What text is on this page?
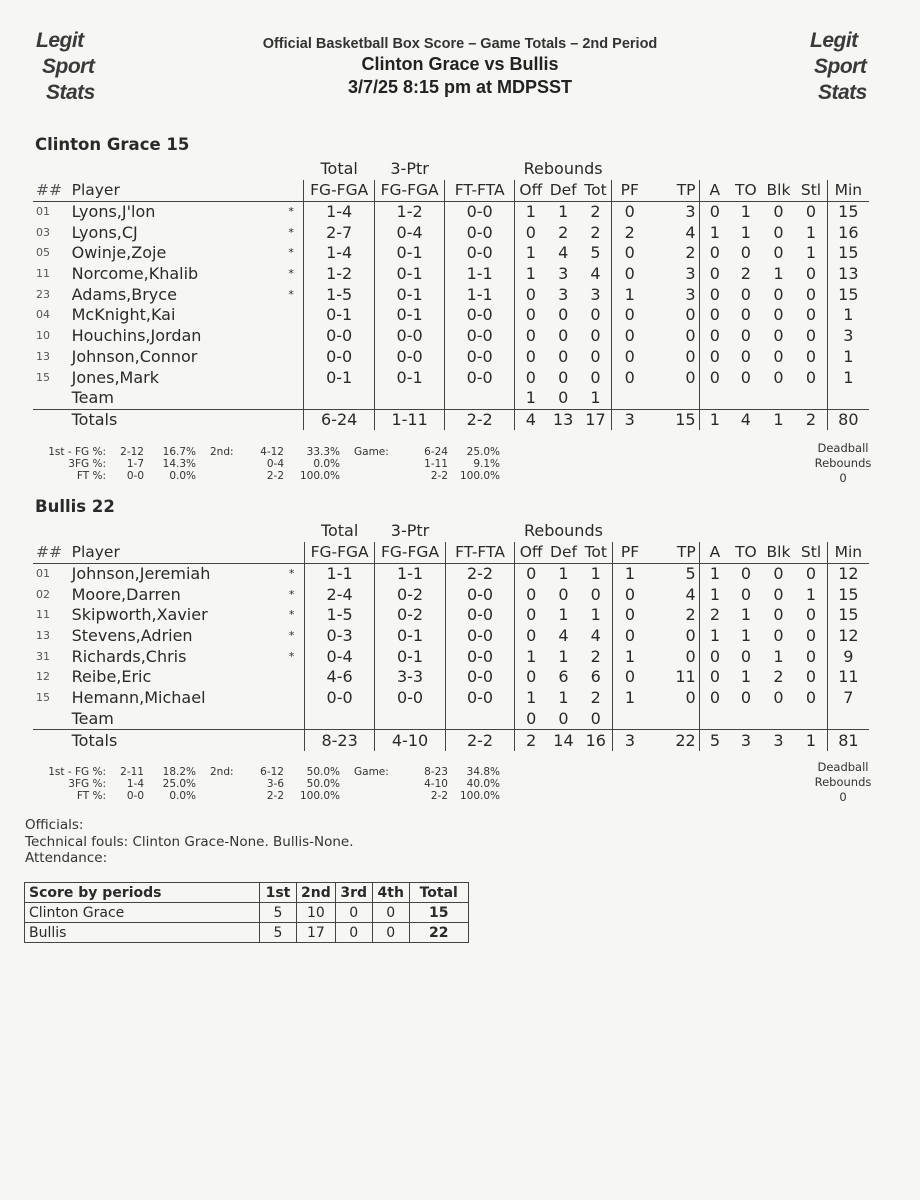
Legit
Sport
Stats
Legit
Sport
Stats
Official Basketball Box Score – Game Totals – 2nd Period
Clinton Grace vs Bullis
3/7/25 8:15 pm at MDPSST
Clinton Grace 15
			Total	3-Ptr		Rebounds									
##	Player		FG-FGA	FG-FGA	FT-FTA	Off	Def	Tot	PF	TP	A	TO	Blk	Stl	Min
01	Lyons,J'lon	*	1-4	1-2	0-0	1	1	2	0	3	0	1	0	0	15
03	Lyons,CJ	*	2-7	0-4	0-0	0	2	2	2	4	1	1	0	1	16
05	Owinje,Zoje	*	1-4	0-1	0-0	1	4	5	0	2	0	0	0	1	15
11	Norcome,Khalib	*	1-2	0-1	1-1	1	3	4	0	3	0	2	1	0	13
23	Adams,Bryce	*	1-5	0-1	1-1	0	3	3	1	3	0	0	0	0	15
04	McKnight,Kai		0-1	0-1	0-0	0	0	0	0	0	0	0	0	0	1
10	Houchins,Jordan		0-0	0-0	0-0	0	0	0	0	0	0	0	0	0	3
13	Johnson,Connor		0-0	0-0	0-0	0	0	0	0	0	0	0	0	0	1
15	Jones,Mark		0-1	0-1	0-0	0	0	0	0	0	0	0	0	0	1
	Team					1	0	1							
	Totals		6-24	1-11	2-2	4	13	17	3	15	1	4	1	2	80
1st - FG %:	2-12	16.7%	2nd:	4-12	33.3%	Game:	6-24	25.0%
3FG %:	1-7	14.3%	0-4	0.0%	1-11	9.1%
FT %:	0-0	0.0%	2-2	100.0%	2-2	100.0%
Deadball
Rebounds
0
Bullis 22
			Total	3-Ptr		Rebounds									
##	Player		FG-FGA	FG-FGA	FT-FTA	Off	Def	Tot	PF	TP	A	TO	Blk	Stl	Min
01	Johnson,Jeremiah	*	1-1	1-1	2-2	0	1	1	1	5	1	0	0	0	12
02	Moore,Darren	*	2-4	0-2	0-0	0	0	0	0	4	1	0	0	1	15
11	Skipworth,Xavier	*	1-5	0-2	0-0	0	1	1	0	2	2	1	0	0	15
13	Stevens,Adrien	*	0-3	0-1	0-0	0	4	4	0	0	1	1	0	0	12
31	Richards,Chris	*	0-4	0-1	0-0	1	1	2	1	0	0	0	1	0	9
12	Reibe,Eric		4-6	3-3	0-0	0	6	6	0	11	0	1	2	0	11
15	Hemann,Michael		0-0	0-0	0-0	1	1	2	1	0	0	0	0	0	7
	Team					0	0	0							
	Totals		8-23	4-10	2-2	2	14	16	3	22	5	3	3	1	81
1st - FG %:	2-11	18.2%	2nd:	6-12	50.0%	Game:	8-23	34.8%
3FG %:	1-4	25.0%	3-6	50.0%	4-10	40.0%
FT %:	0-0	0.0%	2-2	100.0%	2-2	100.0%
Deadball
Rebounds
0
Officials:
Technical fouls: Clinton Grace-None. Bullis-None.
Attendance:
Score by periods	1st	2nd	3rd	4th	Total
Clinton Grace	5	10	0	0	15
Bullis	5	17	0	0	22
